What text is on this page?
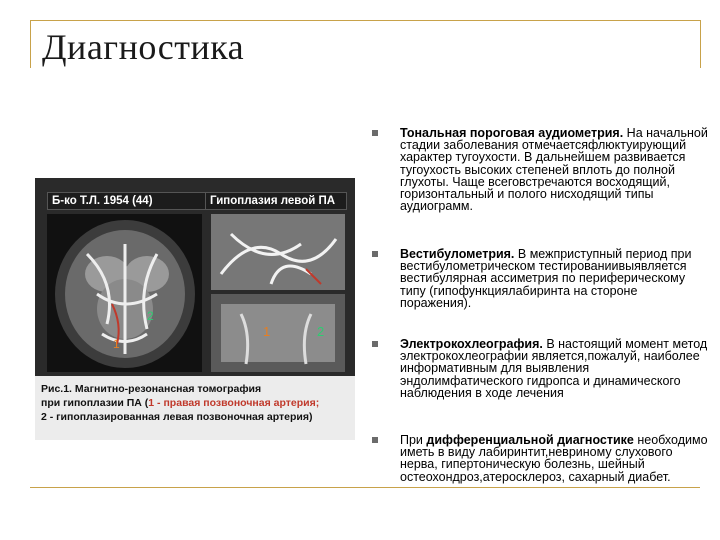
Диагностика
Б-ко Т.Л. 1954 (44)	Гипоплазия левой ПА
2
1
1	2
Рис.1. Магнитно-резонансная томография
при гипоплазии ПА (1 - правая позвоночная артерия;
2 - гипоплазированная левая позвоночная артерия)
Тональная пороговая аудиометрия. На начальной стадии заболевания отмечаетсяфлюктуирующий характер тугоухости. В дальнейшем развивается тугоухость высоких степеней вплоть до полной глухоты. Чаще всеговстречаются восходящий, горизонтальный и полого нисходящий типы аудиограмм.
Вестибулометрия. В межприступный период при вестибулометрическом тестированиивыявляется вестибулярная ассиметрия по периферическому типу (гипофункциялабиринта на стороне поражения).
Электрокохлеография. В настоящий момент метод электрокохлеографии является,пожалуй, наиболее информативным для выявления эндолимфатического гидропса и динамического наблюдения в ходе лечения
При дифференциальной диагностике необходимо иметь в виду лабиринтит,невриному слухового нерва, гипертоническую болезнь, шейный остеохондроз,атеросклероз, сахарный диабет.
